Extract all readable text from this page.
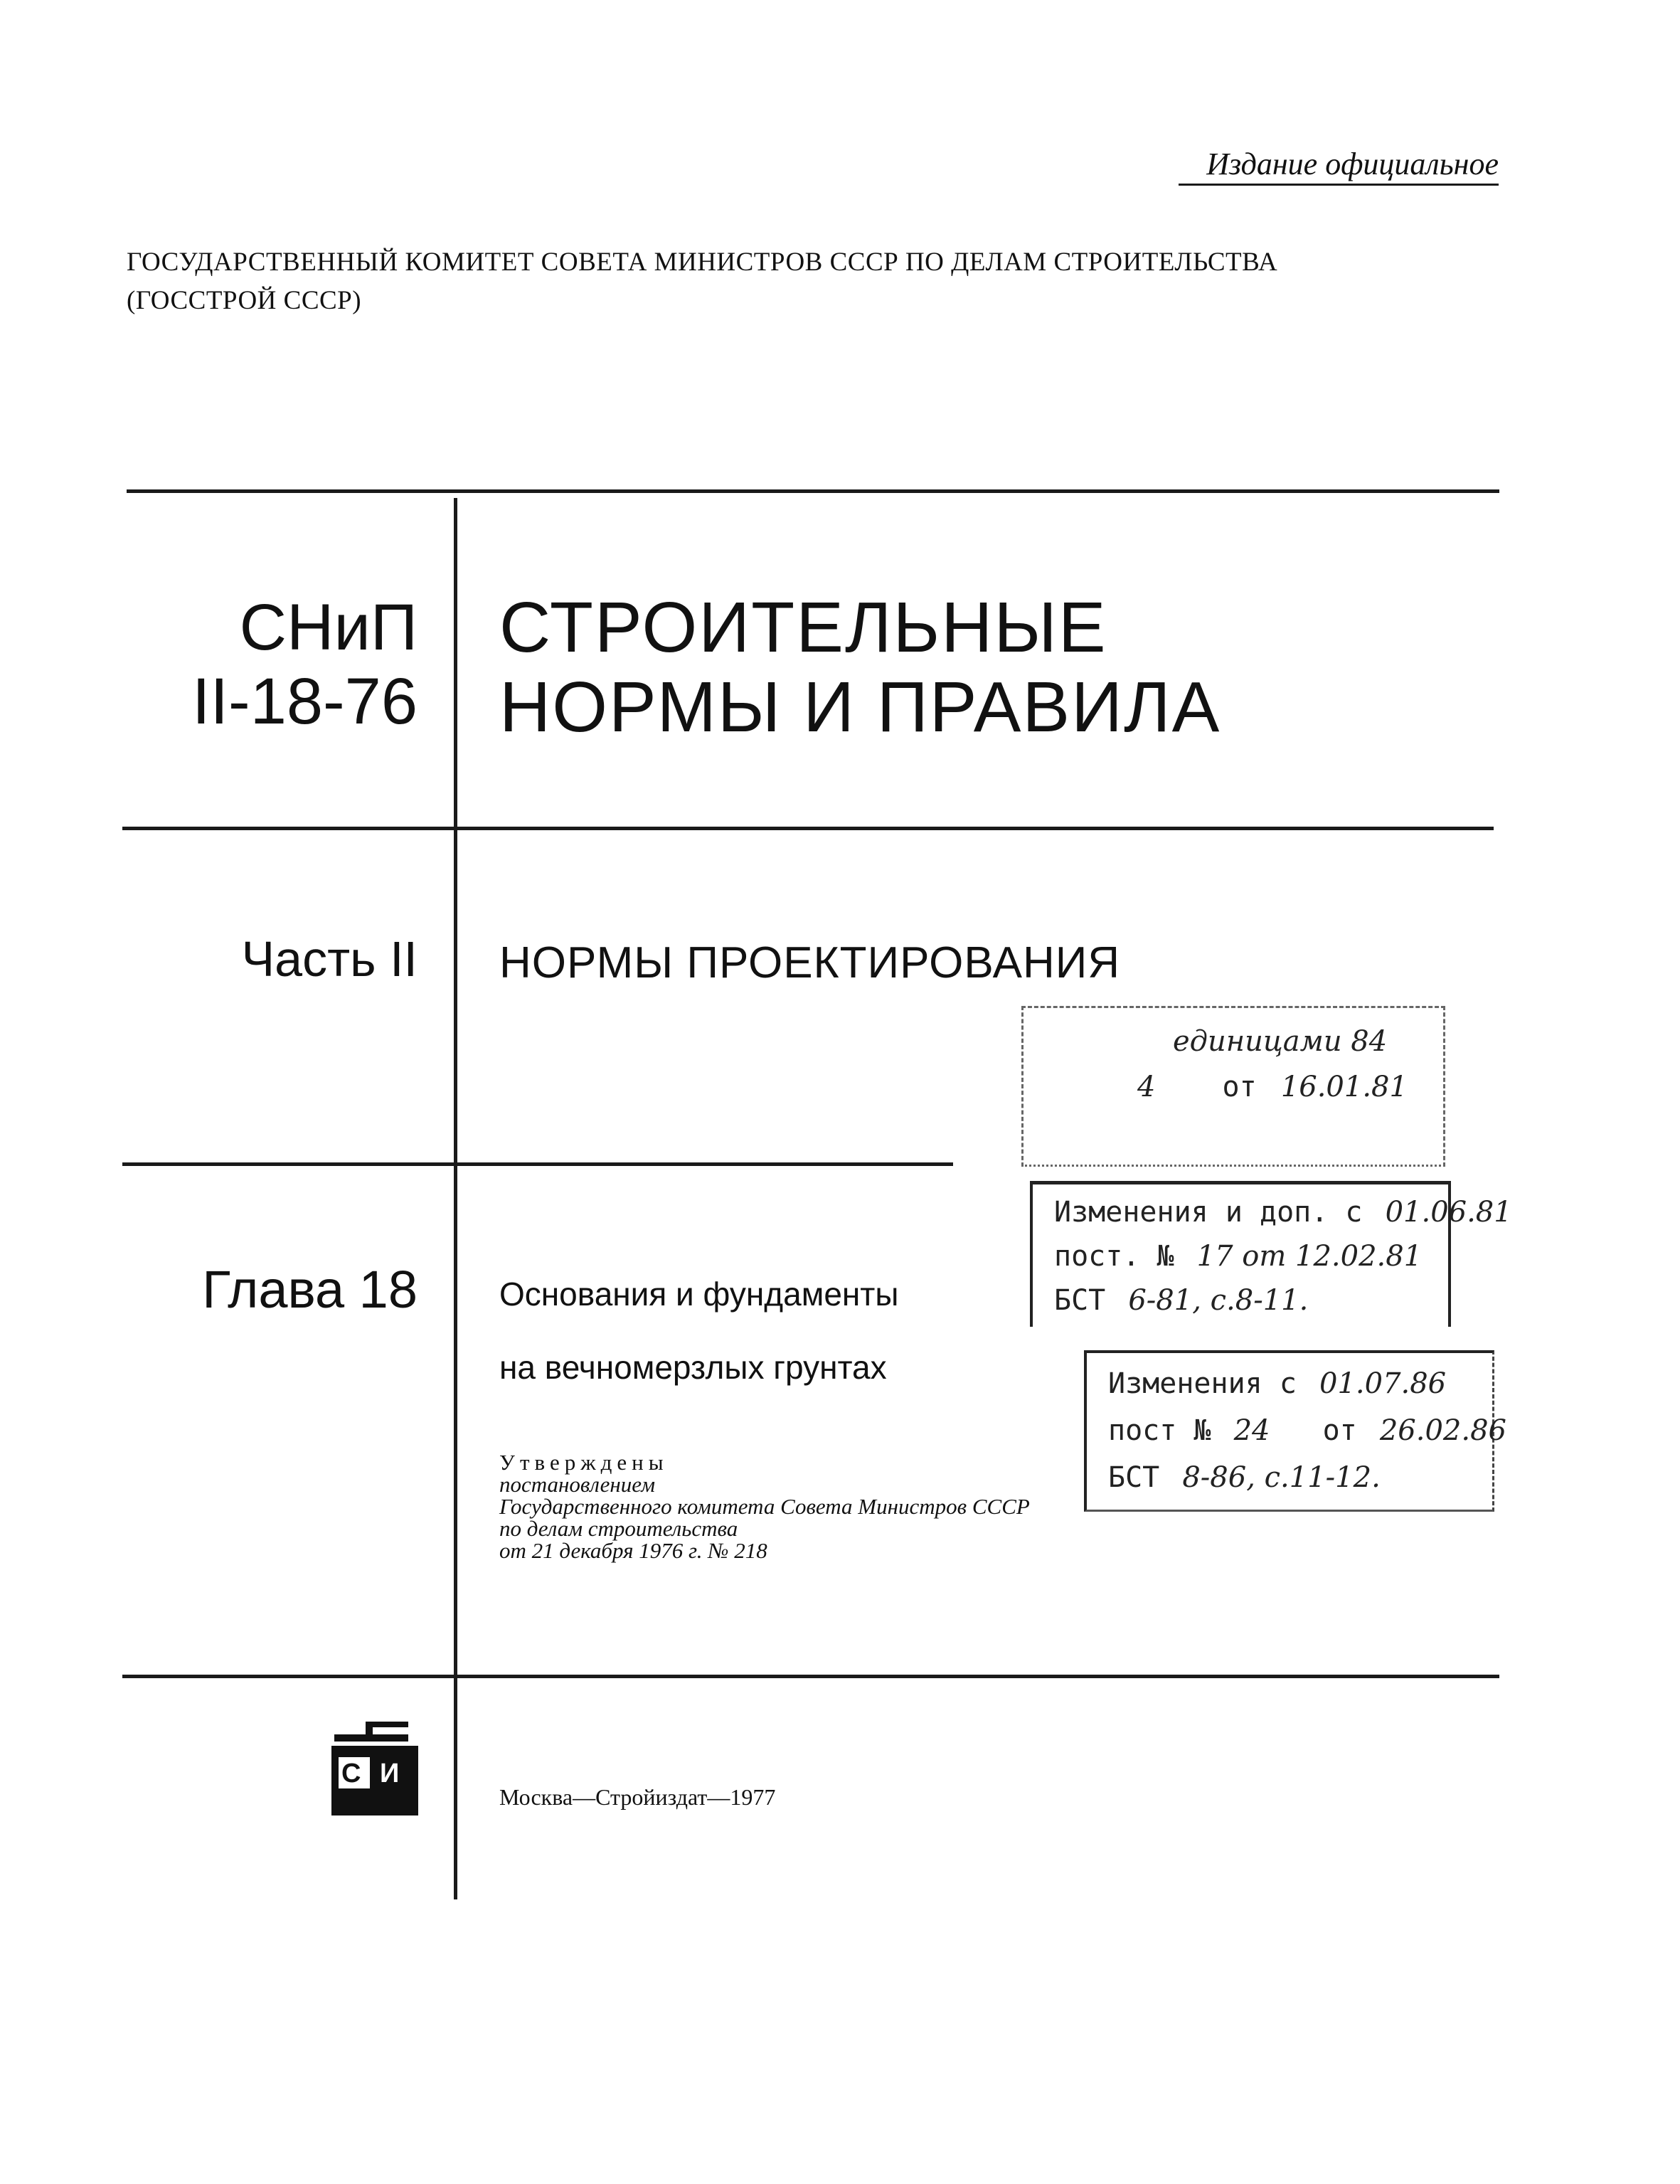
Издание официальное
ГОСУДАРСТВЕННЫЙ КОМИТЕТ СОВЕТА МИНИСТРОВ СССР ПО ДЕЛАМ СТРОИТЕЛЬСТВА
(ГОССТРОЙ СССР)
СНиП
II-18-76
СТРОИТЕЛЬНЫЕ
НОРМЫ И ПРАВИЛА
Часть II НОРМЫ ПРОЕКТИРОВАНИЯ
единицами 84
4 от 16.01.81
Глава 18	Основания и фундаменты
на вечномерзлых грунтах
Изменения и доп. с 01.06.81
пост. № 17 от 12.02.81
БСТ 6-81, с.8-11.
Изменения с 01.07.86
пост № 24 от 26.02.86
БСТ 8-86, с.11-12.
Утверждены
постановлением
Государственного комитета Совета Министров СССР
по делам строительства
от 21 декабря 1976 г. № 218
С И
Москва—Стройиздат—1977
